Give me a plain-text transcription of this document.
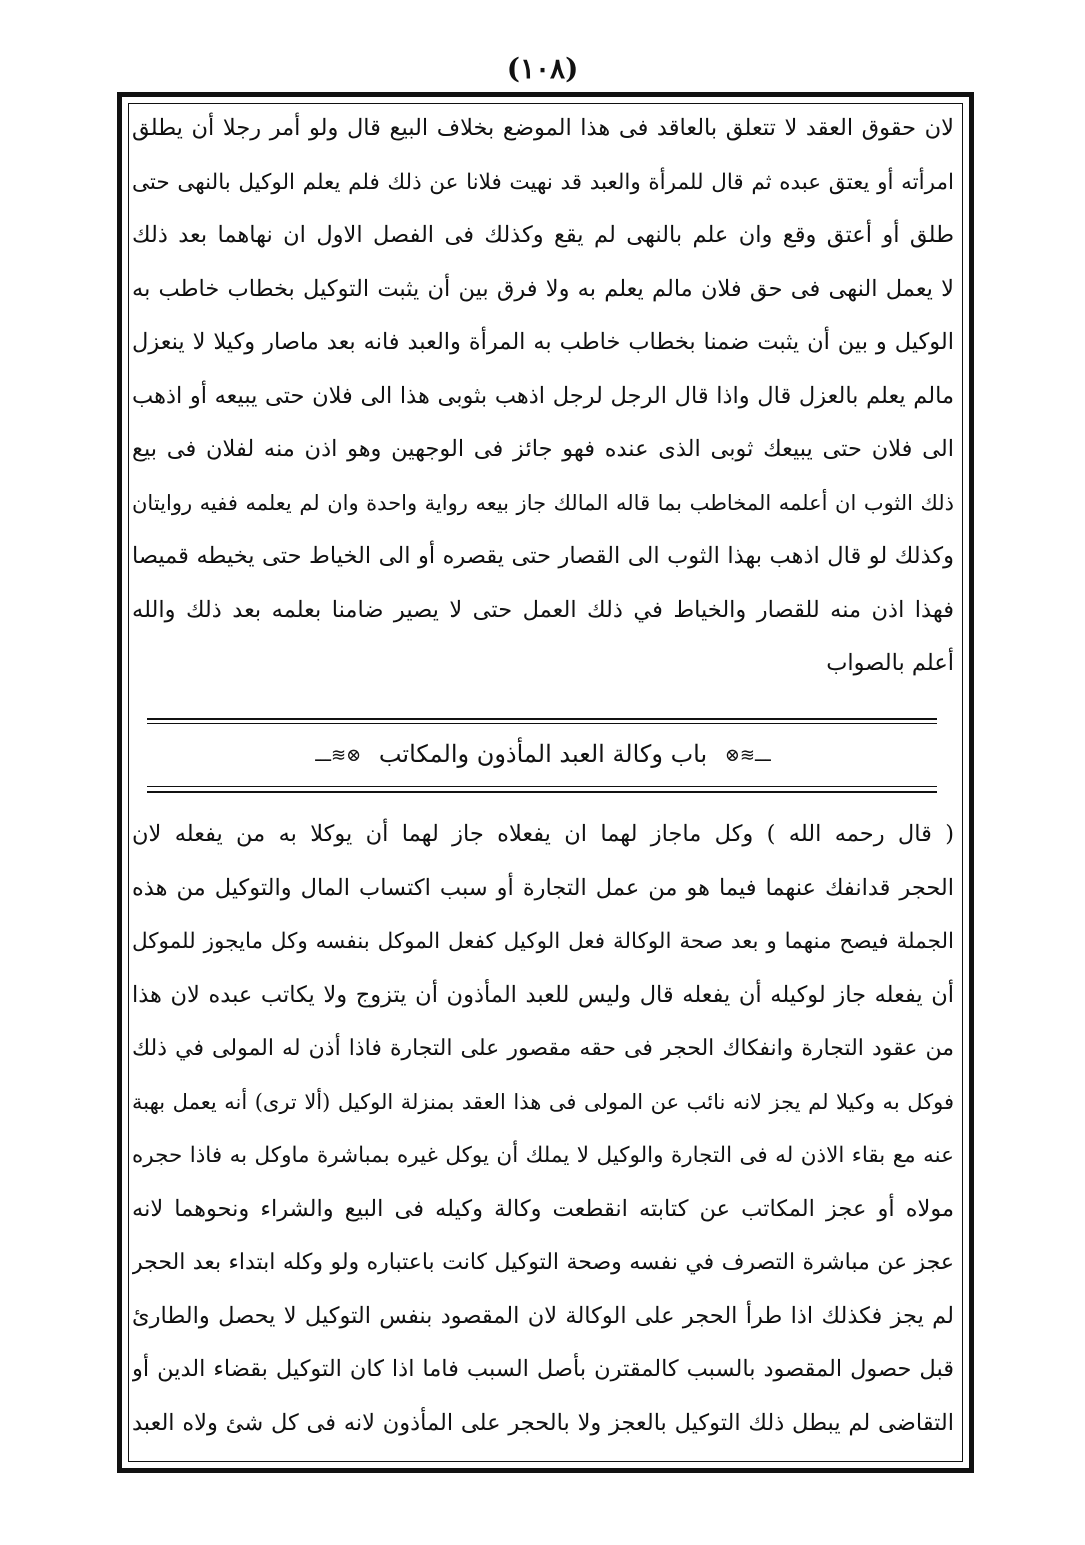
(١٠٨)
لان حقوق العقد لا تتعلق بالعاقد فى هذا الموضع بخلاف البيع قال ولو أمر رجلا أن يطلق
امرأته أو يعتق عبده ثم قال للمرأة والعبد قد نهيت فلانا عن ذلك فلم يعلم الوكيل بالنهى حتى
طلق أو أعتق وقع وان علم بالنهى لم يقع وكذلك فى الفصل الاول ان نهاهما بعد ذلك
لا يعمل النهى فى حق فلان مالم يعلم به ولا فرق بين أن يثبت التوكيل بخطاب خاطب به
الوكيل و بين أن يثبت ضمنا بخطاب خاطب به المرأة والعبد فانه بعد ماصار وكيلا لا ينعزل
مالم يعلم بالعزل قال واذا قال الرجل لرجل اذهب بثوبى هذا الى فلان حتى يبيعه أو اذهب
الى فلان حتى يبيعك ثوبى الذى عنده فهو جائز فى الوجهين وهو اذن منه لفلان فى بيع
ذلك الثوب ان أعلمه المخاطب بما قاله المالك جاز بيعه رواية واحدة وان لم يعلمه ففيه روايتان
وكذلك لو قال اذهب بهذا الثوب الى القصار حتى يقصره أو الى الخياط حتى يخيطه قميصا
فهذا اذن منه للقصار والخياط في ذلك العمل حتى لا يصير ضامنا بعلمه بعد ذلك والله
أعلم بالصواب
ـــ≋⊗ باب وكالة العبد المأذون والمكاتب ⊗≋ـــ
( قال رحمه الله ) وكل ماجاز لهما ان يفعلاه جاز لهما أن يوكلا به من يفعله لان
الحجر قدانفك عنهما فيما هو من عمل التجارة أو سبب اكتساب المال والتوكيل من هذه
الجملة فيصح منهما و بعد صحة الوكالة فعل الوكيل كفعل الموكل بنفسه وكل مايجوز للموكل
أن يفعله جاز لوكيله أن يفعله قال وليس للعبد المأذون أن يتزوج ولا يكاتب عبده لان هذا
من عقود التجارة وانفكاك الحجر فى حقه مقصور على التجارة فاذا أذن له المولى في ذلك
فوكل به وكيلا لم يجز لانه نائب عن المولى فى هذا العقد بمنزلة الوكيل (ألا ترى) أنه يعمل بهبة
عنه مع بقاء الاذن له فى التجارة والوكيل لا يملك أن يوكل غيره بمباشرة ماوكل به فاذا حجره
مولاه أو عجز المكاتب عن كتابته انقطعت وكالة وكيله فى البيع والشراء ونحوهما لانه
عجز عن مباشرة التصرف في نفسه وصحة التوكيل كانت باعتباره ولو وكله ابتداء بعد الحجر
لم يجز فكذلك اذا طرأ الحجر على الوكالة لان المقصود بنفس التوكيل لا يحصل والطارئ
قبل حصول المقصود بالسبب كالمقترن بأصل السبب فاما اذا كان التوكيل بقضاء الدين أو
التقاضى لم يبطل ذلك التوكيل بالعجز ولا بالحجر على المأذون لانه فى كل شئ ولاه العبد
